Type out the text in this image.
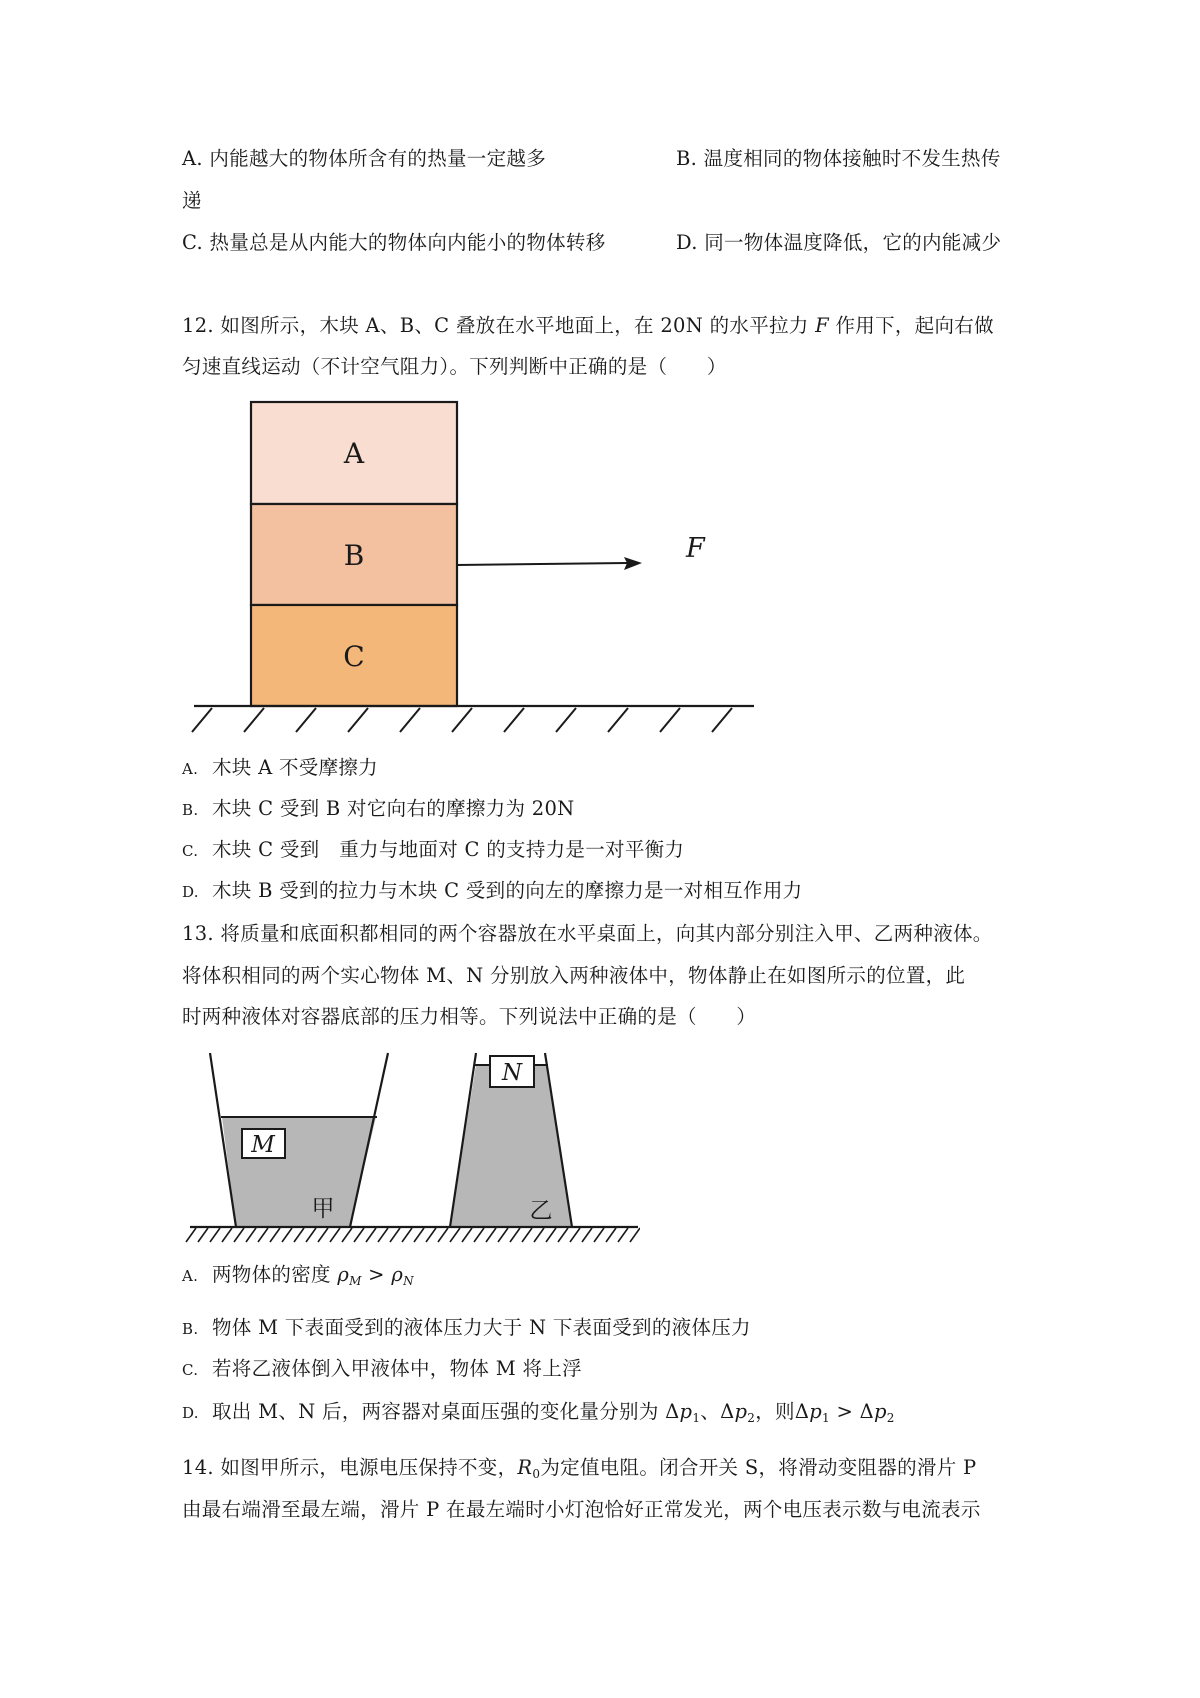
A. 内能越大的物体所含有的热量一定越多	B. 温度相同的物体接触时不发生热传
递
C. 热量总是从内能大的物体向内能小的物体转移	D. 同一物体温度降低，它的内能减少
12. 如图所示，木块 A、B、C 叠放在水平地面上，在 20N 的水平拉力 F 作用下，起向右做
匀速直线运动（不计空气阻力）。下列判断中正确的是（　　）
A
B
C
F
A. 木块 A 不受摩擦力
B. 木块 C 受到 B 对它向右的摩擦力为 20N
C. 木块 C 受到　重力与地面对 C 的支持力是一对平衡力
D. 木块 B 受到的拉力与木块 C 受到的向左的摩擦力是一对相互作用力
13. 将质量和底面积都相同的两个容器放在水平桌面上，向其内部分别注入甲、乙两种液体。
将体积相同的两个实心物体 M、N 分别放入两种液体中，物体静止在如图所示的位置，此
时两种液体对容器底部的压力相等。下列说法中正确的是（　　）
M
甲
N
乙
A. 两物体的密度 $\rho_M > \rho_N$
B. 物体 M 下表面受到的液体压力大于 N 下表面受到的液体压力
C. 若将乙液体倒入甲液体中，物体 M 将上浮
D. 取出 M、N 后，两容器对桌面压强的变化量分别为 $\Delta p_1$、$\Delta p_2$，则$\Delta p_1 > \Delta p_2$
14. 如图甲所示，电源电压保持不变，$R_0$为定值电阻。闭合开关 S，将滑动变阻器的滑片 P
由最右端滑至最左端，滑片 P 在最左端时小灯泡恰好正常发光，两个电压表示数与电流表示
